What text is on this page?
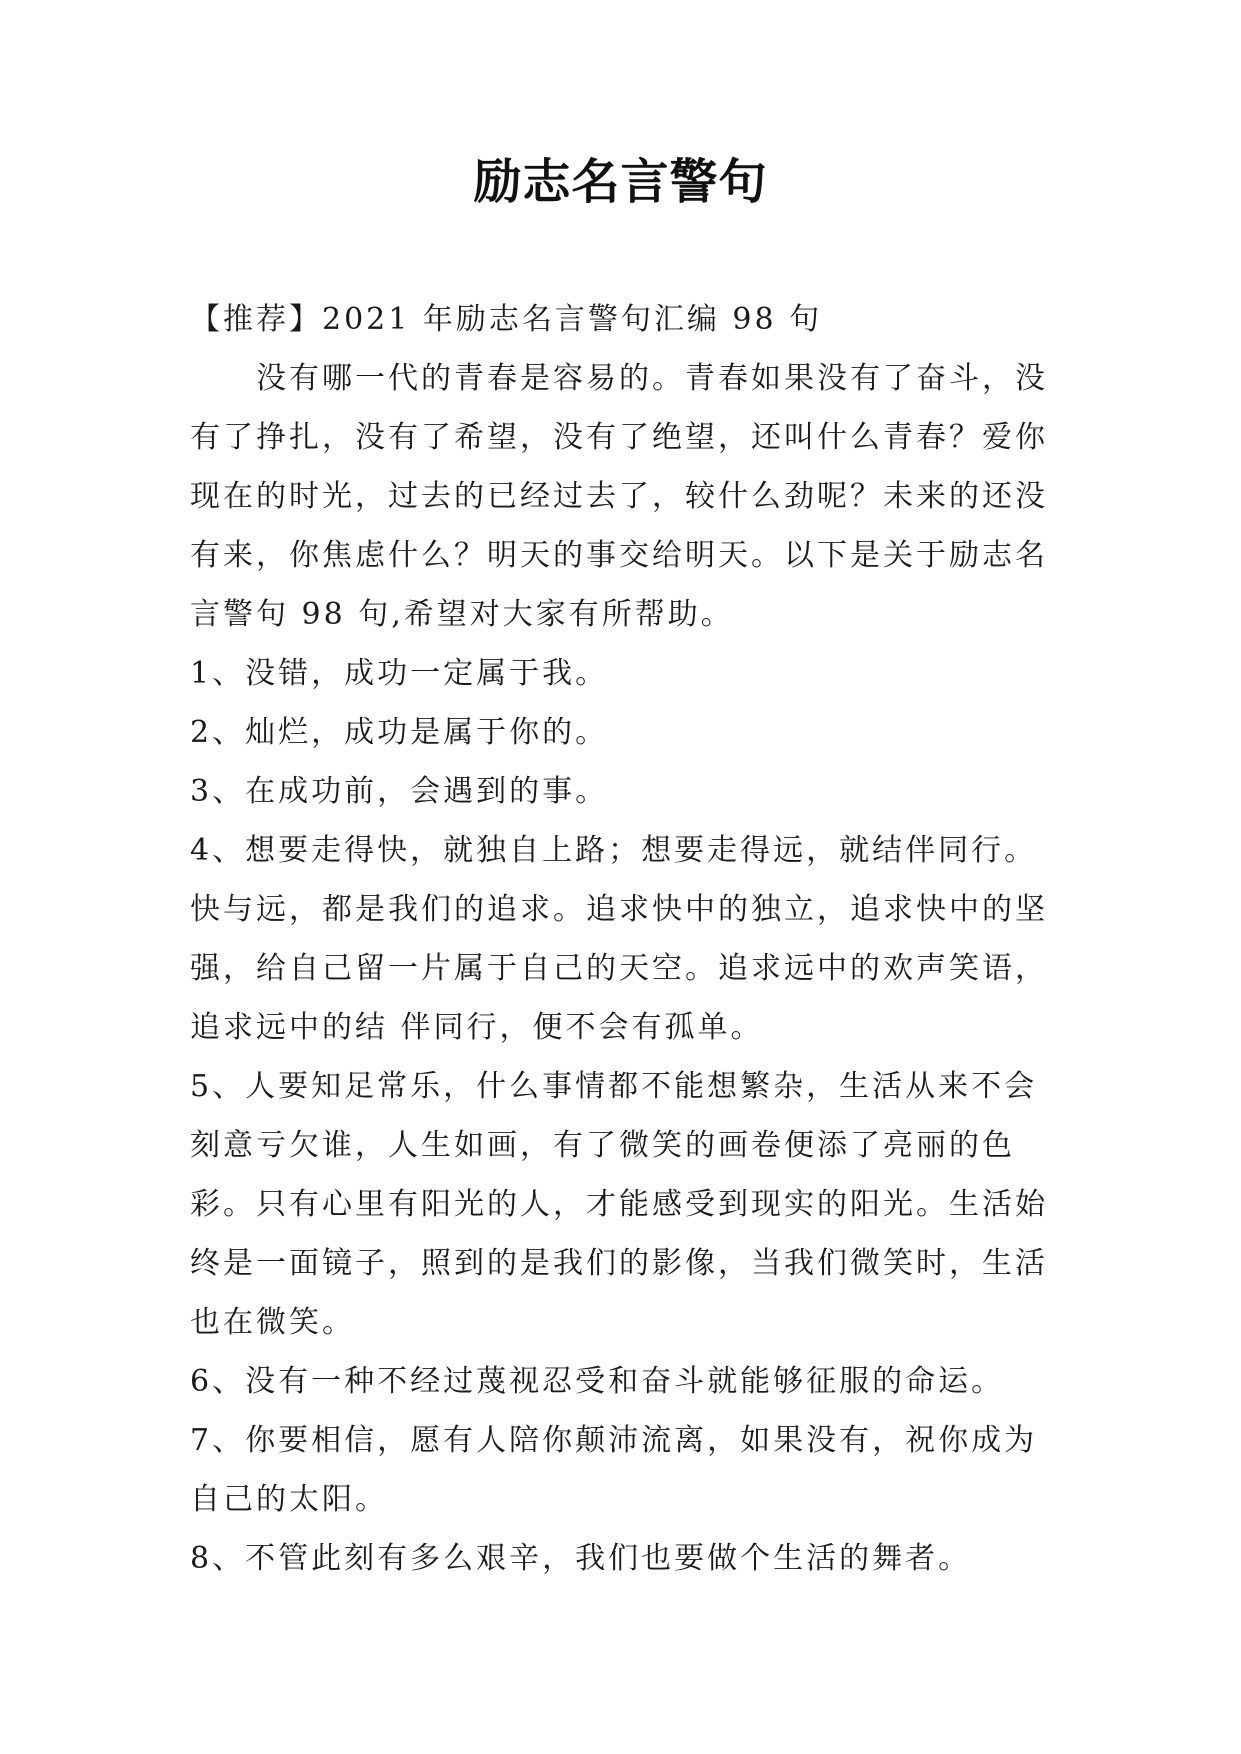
励志名言警句

【推荐】2021 年励志名言警句汇编 98 句

没有哪一代的青春是容易的。青春如果没有了奋斗，没有了挣扎，没有了希望，没有了绝望，还叫什么青春？爱你现在的时光，过去的已经过去了，较什么劲呢？未来的还没有来，你焦虑什么？明天的事交给明天。以下是关于励志名言警句 98 句,希望对大家有所帮助。

1、没错，成功一定属于我。

2、灿烂，成功是属于你的。

3、在成功前，会遇到的事。

4、想要走得快，就独自上路；想要走得远，就结伴同行。快与远，都是我们的追求。追求快中的独立，追求快中的坚强，给自己留一片属于自己的天空。追求远中的欢声笑语，追求远中的结 伴同行，便不会有孤单。

5、人要知足常乐，什么事情都不能想繁杂，生活从来不会刻意亏欠谁，人生如画，有了微笑的画卷便添了亮丽的色彩。只有心里有阳光的人，才能感受到现实的阳光。生活始终是一面镜子，照到的是我们的影像，当我们微笑时，生活也在微笑。

6、没有一种不经过蔑视忍受和奋斗就能够征服的命运。

7、你要相信，愿有人陪你颠沛流离，如果没有，祝你成为自己的太阳。

8、不管此刻有多么艰辛，我们也要做个生活的舞者。
